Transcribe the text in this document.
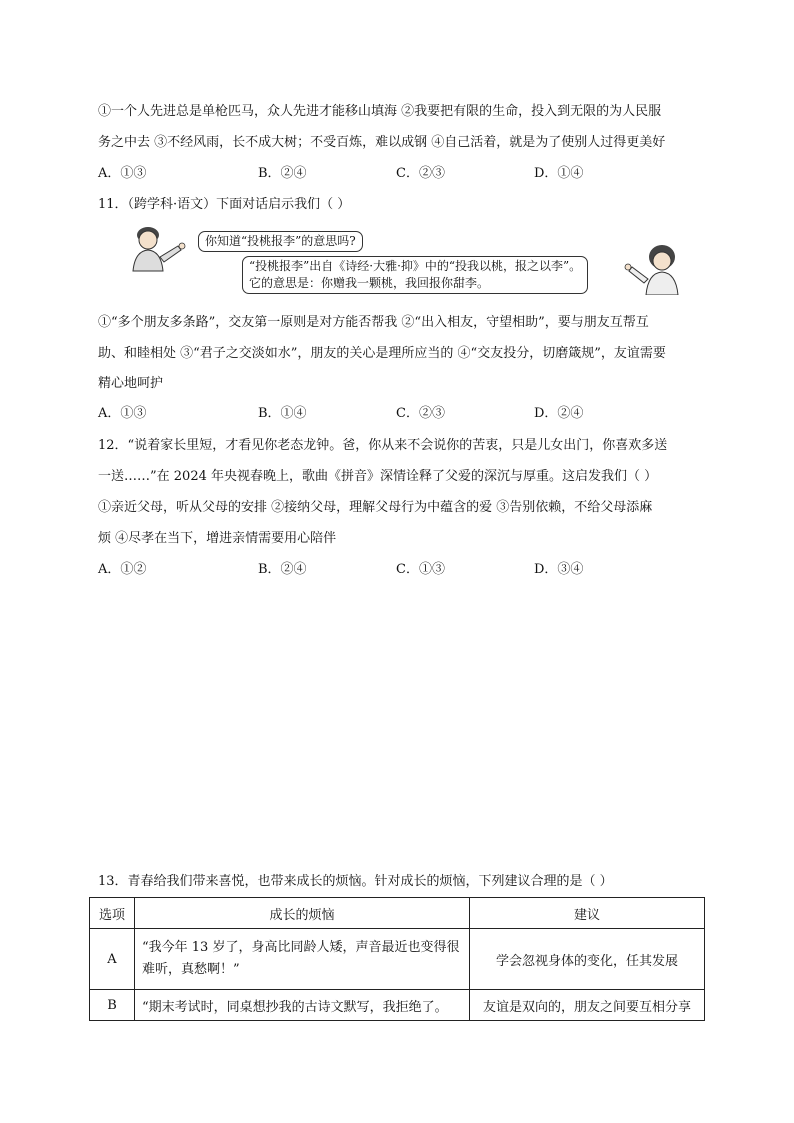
①一个人先进总是单枪匹马，众人先进才能移山填海 ②我要把有限的生命，投入到无限的为人民服
务之中去 ③不经风雨，长不成大树；不受百炼，难以成钢 ④自己活着，就是为了使别人过得更美好
A．①③	B．②④	C．②③	D．①④
11．（跨学科·语文）下面对话启示我们（ ）
你知道“投桃报李”的意思吗?
“投桃报李”出自《诗经·大雅·抑》中的“投我以桃，报之以李”。
它的意思是：你赠我一颗桃，我回报你甜李。
①“多个朋友多条路”，交友第一原则是对方能否帮我 ②“出入相友，守望相助”，要与朋友互帮互
助、和睦相处 ③“君子之交淡如水”，朋友的关心是理所应当的 ④“交友投分，切磨箴规”，友谊需要
精心地呵护
A．①③	B．①④	C．②③	D．②④
12．“说着家长里短，才看见你老态龙钟。爸，你从来不会说你的苦衷，只是儿女出门，你喜欢多送
一送……”在 2024 年央视春晚上，歌曲《拼音》深情诠释了父爱的深沉与厚重。这启发我们（ ）
①亲近父母，听从父母的安排 ②接纳父母，理解父母行为中蕴含的爱 ③告别依赖，不给父母添麻
烦 ④尽孝在当下，增进亲情需要用心陪伴
A．①②	B．②④	C．①③	D．③④
13．青春给我们带来喜悦，也带来成长的烦恼。针对成长的烦恼，下列建议合理的是（ ）
选项	成长的烦恼	建议
A	“我今年 13 岁了，身高比同龄人矮，声音最近也变得很难听，真愁啊！”	学会忽视身体的变化，任其发展
B	“期末考试时，同桌想抄我的古诗文默写，我拒绝了。	友谊是双向的，朋友之间要互相分享
